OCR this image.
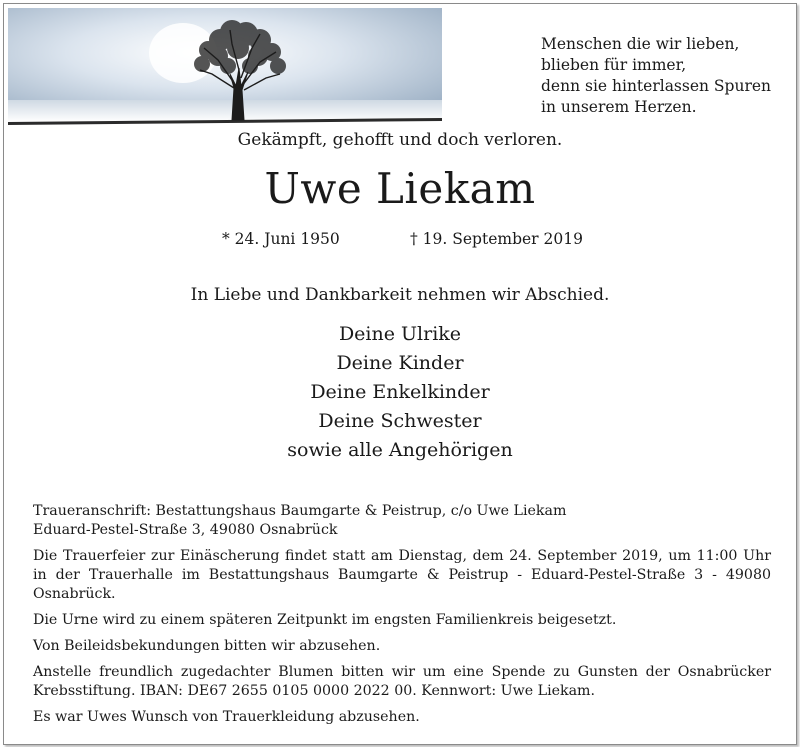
Menschen die wir lieben,
blieben für immer,
denn sie hinterlassen Spuren
in unserem Herzen.
Gekämpft, gehofft und doch verloren.
Uwe Liekam
* 24. Juni 1950	† 19. September 2019
In Liebe und Dankbarkeit nehmen wir Abschied.
Deine Ulrike
Deine Kinder
Deine Enkelkinder
Deine Schwester
sowie alle Angehörigen

Traueranschrift: Bestattungshaus Baumgarte & Peistrup, c/o Uwe Liekam

Eduard-Pestel-Straße 3, 49080 Osnabrück

Die Trauerfeier zur Einäscherung findet statt am Dienstag, dem 24. September 2019, um 11:00 Uhr in der Trauerhalle im Bestattungshaus Baumgarte & Peistrup - Eduard-Pestel-Straße 3 - 49080 Osnabrück.

Die Urne wird zu einem späteren Zeitpunkt im engsten Familienkreis beigesetzt.

Von Beileidsbekundungen bitten wir abzusehen.

Anstelle freundlich zugedachter Blumen bitten wir um eine Spende zu Gunsten der Osnabrücker Krebsstiftung. IBAN: DE67 2655 0105 0000 2022 00. Kennwort: Uwe Liekam.

Es war Uwes Wunsch von Trauerkleidung abzusehen.
